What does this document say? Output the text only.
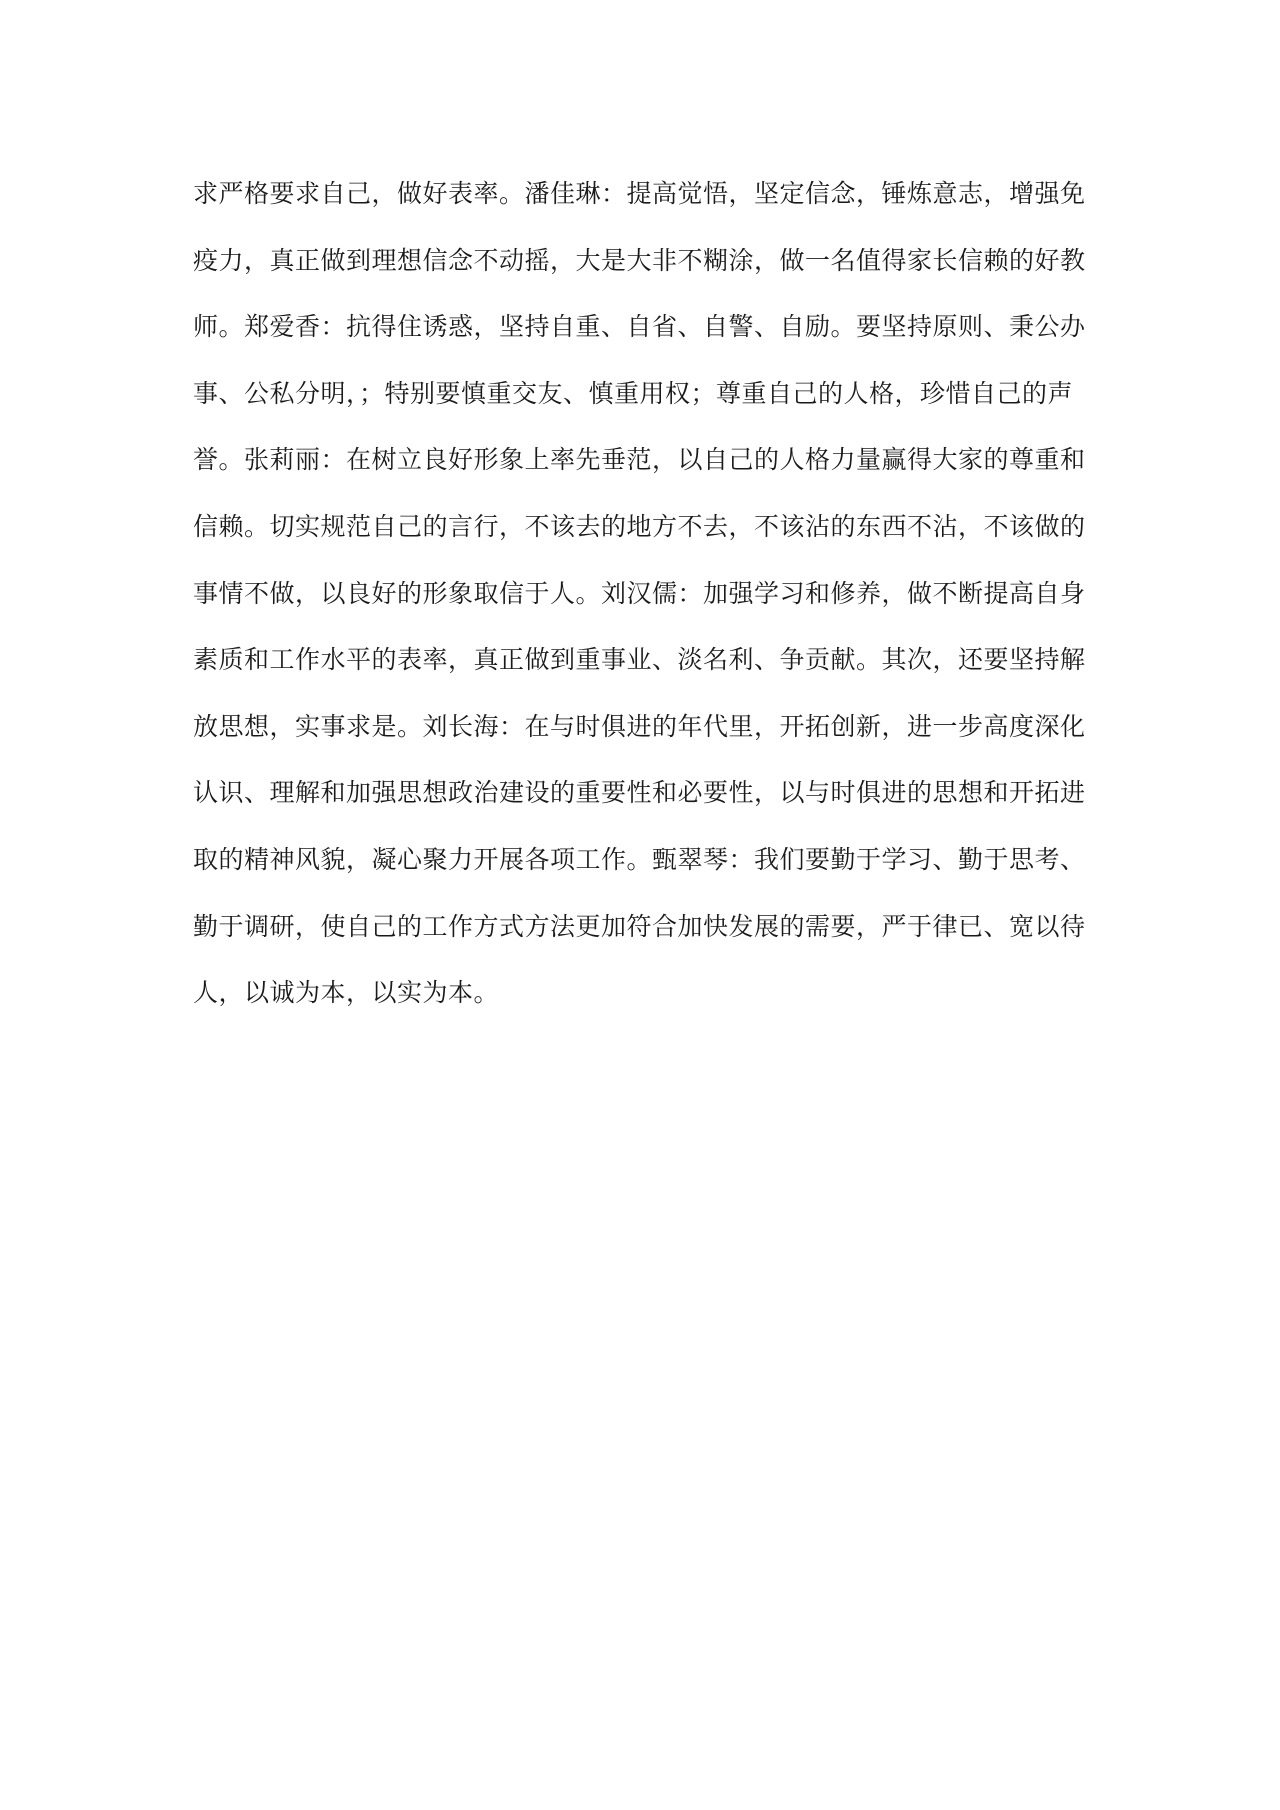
求严格要求自己，做好表率。潘佳琳：提高觉悟，坚定信念，锤炼意志，增强免
疫力，真正做到理想信念不动摇，大是大非不糊涂，做一名值得家长信赖的好教
师。郑爱香：抗得住诱惑，坚持自重、自省、自警、自励。要坚持原则、秉公办
事、公私分明，；特别要慎重交友、慎重用权；尊重自己的人格，珍惜自己的声
誉。张莉丽：在树立良好形象上率先垂范，以自己的人格力量赢得大家的尊重和
信赖。切实规范自己的言行，不该去的地方不去，不该沾的东西不沾，不该做的
事情不做，以良好的形象取信于人。刘汉儒：加强学习和修养，做不断提高自身
素质和工作水平的表率，真正做到重事业、淡名利、争贡献。其次，还要坚持解
放思想，实事求是。刘长海：在与时俱进的年代里，开拓创新，进一步高度深化
认识、理解和加强思想政治建设的重要性和必要性，以与时俱进的思想和开拓进
取的精神风貌，凝心聚力开展各项工作。甄翠琴：我们要勤于学习、勤于思考、
勤于调研，使自己的工作方式方法更加符合加快发展的需要，严于律已、宽以待
人，以诚为本，以实为本。
